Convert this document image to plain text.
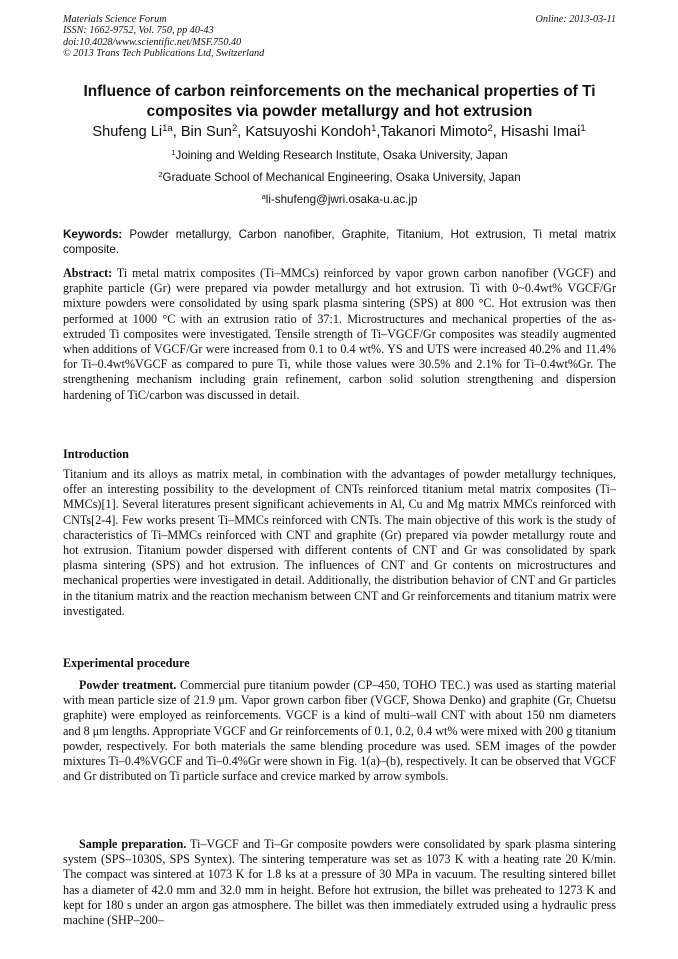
Materials Science Forum
ISSN: 1662-9752, Vol. 750, pp 40-43
doi:10.4028/www.scientific.net/MSF.750.40
© 2013 Trans Tech Publications Ltd, Switzerland
Online: 2013-03-11
Influence of carbon reinforcements on the mechanical properties of Ti composites via powder metallurgy and hot extrusion
Shufeng $Li^{1a}$, Bin Sun$^2$, Katsuyoshi Kondoh$^1$,Takanori Mimoto$^2$, Hisashi Imai$^1$
$^1$Joining and Welding Research Institute, Osaka University, Japan
$^2$Graduate School of Mechanical Engineering, Osaka University, Japan
$^a$li-shufeng@jwri.osaka-u.ac.jp
Keywords: Powder metallurgy, Carbon nanofiber, Graphite, Titanium, Hot extrusion, Ti metal matrix composite.
Abstract: Ti metal matrix composites (Ti–MMCs) reinforced by vapor grown carbon nanofiber (VGCF) and graphite particle (Gr) were prepared via powder metallurgy and hot extrusion. Ti with 0~0.4wt% VGCF/Gr mixture powders were consolidated by using spark plasma sintering (SPS) at 800 °C. Hot extrusion was then performed at 1000 °C with an extrusion ratio of 37:1. Microstructures and mechanical properties of the as-extruded Ti composites were investigated. Tensile strength of Ti–VGCF/Gr composites was steadily augmented when additions of VGCF/Gr were increased from 0.1 to 0.4 wt%. YS and UTS were increased 40.2% and 11.4% for Ti–0.4wt%VGCF as compared to pure Ti, while those values were 30.5% and 2.1% for Ti–0.4wt%Gr. The strengthening mechanism including grain refinement, carbon solid solution strengthening and dispersion hardening of TiC/carbon was discussed in detail.
Introduction
Titanium and its alloys as matrix metal, in combination with the advantages of powder metallurgy techniques, offer an interesting possibility to the development of CNTs reinforced titanium metal matrix composites (Ti–MMCs)[1]. Several literatures present significant achievements in Al, Cu and Mg matrix MMCs reinforced with CNTs[2-4]. Few works present Ti–MMCs reinforced with CNTs. The main objective of this work is the study of characteristics of Ti–MMCs reinforced with CNT and graphite (Gr) prepared via powder metallurgy route and hot extrusion. Titanium powder dispersed with different contents of CNT and Gr was consolidated by spark plasma sintering (SPS) and hot extrusion. The influences of CNT and Gr contents on microstructures and mechanical properties were investigated in detail. Additionally, the distribution behavior of CNT and Gr particles in the titanium matrix and the reaction mechanism between CNT and Gr reinforcements and titanium matrix were investigated.
Experimental procedure
Powder treatment. Commercial pure titanium powder (CP–450, TOHO TEC.) was used as starting material with mean particle size of 21.9 μm. Vapor grown carbon fiber (VGCF, Showa Denko) and graphite (Gr, Chuetsu graphite) were employed as reinforcements. VGCF is a kind of multi–wall CNT with about 150 nm diameters and 8 μm lengths. Appropriate VGCF and Gr reinforcements of 0.1, 0.2, 0.4 wt% were mixed with 200 g titanium powder, respectively. For both materials the same blending procedure was used. SEM images of the powder mixtures Ti–0.4%VGCF and Ti–0.4%Gr were shown in Fig. 1(a)–(b), respectively. It can be observed that VGCF and Gr distributed on Ti particle surface and crevice marked by arrow symbols.
Sample preparation. Ti–VGCF and Ti–Gr composite powders were consolidated by spark plasma sintering system (SPS–1030S, SPS Syntex). The sintering temperature was set as 1073 K with a heating rate 20 K/min. The compact was sintered at 1073 K for 1.8 ks at a pressure of 30 MPa in vacuum. The resulting sintered billet has a diameter of 42.0 mm and 32.0 mm in height. Before hot extrusion, the billet was preheated to 1273 K and kept for 180 s under an argon gas atmosphere. The billet was then immediately extruded using a hydraulic press machine (SHP–200–
